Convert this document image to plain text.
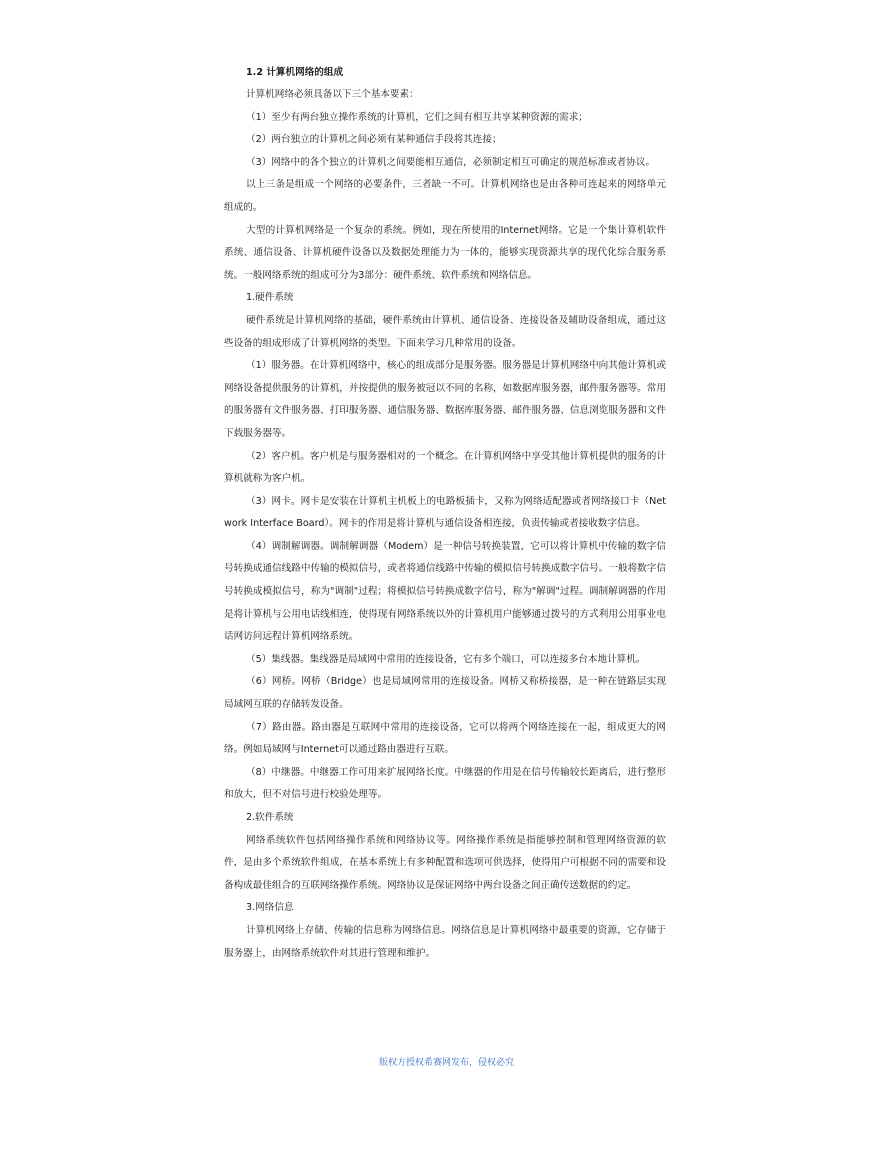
1.2 计算机网络的组成

计算机网络必须具备以下三个基本要素：

（1）至少有两台独立操作系统的计算机，它们之间有相互共享某种资源的需求；

（2）两台独立的计算机之间必须有某种通信手段将其连接；

（3）网络中的各个独立的计算机之间要能相互通信，必须制定相互可确定的规范标准或者协议。

以上三条是组成一个网络的必要条件，三者缺一不可。计算机网络也是由各种可连起来的网络单元组成的。

大型的计算机网络是一个复杂的系统。例如，现在所使用的Internet网络。它是一个集计算机软件系统、通信设备、计算机硬件设备以及数据处理能力为一体的，能够实现资源共享的现代化综合服务系统。一般网络系统的组成可分为3部分：硬件系统、软件系统和网络信息。

1.硬件系统

硬件系统是计算机网络的基础，硬件系统由计算机、通信设备、连接设备及辅助设备组成，通过这些设备的组成形成了计算机网络的类型。下面来学习几种常用的设备。

（1）服务器。在计算机网络中，核心的组成部分是服务器。服务器是计算机网络中向其他计算机或网络设备提供服务的计算机，并按提供的服务被冠以不同的名称，如数据库服务器，邮件服务器等。常用的服务器有文件服务器、打印服务器、通信服务器、数据库服务器、邮件服务器、信息浏览服务器和文件下载服务器等。

（2）客户机。客户机是与服务器相对的一个概念。在计算机网络中享受其他计算机提供的服务的计算机就称为客户机。

（3）网卡。网卡是安装在计算机主机板上的电路板插卡，又称为网络适配器或者网络接口卡（Network Interface Board）。网卡的作用是将计算机与通信设备相连接，负责传输或者接收数字信息。

（4）调制解调器。调制解调器（Modem）是一种信号转换装置，它可以将计算机中传输的数字信号转换成通信线路中传输的模拟信号，或者将通信线路中传输的模拟信号转换成数字信号。一般将数字信号转换成模拟信号，称为"调制"过程；将模拟信号转换成数字信号，称为"解调"过程。调制解调器的作用是将计算机与公用电话线相连，使得现有网络系统以外的计算机用户能够通过拨号的方式利用公用事业电话网访问远程计算机网络系统。

（5）集线器。集线器是局域网中常用的连接设备，它有多个端口，可以连接多台本地计算机。

（6）网桥。网桥（Bridge）也是局域网常用的连接设备。网桥又称桥接器，是一种在链路层实现局域网互联的存储转发设备。

（7）路由器。路由器是互联网中常用的连接设备，它可以将两个网络连接在一起，组成更大的网络。例如局域网与Internet可以通过路由器进行互联。

（8）中继器。中继器工作可用来扩展网络长度。中继器的作用是在信号传输较长距离后，进行整形和放大，但不对信号进行校验处理等。

2.软件系统

网络系统软件包括网络操作系统和网络协议等。网络操作系统是指能够控制和管理网络资源的软件，是由多个系统软件组成，在基本系统上有多种配置和选项可供选择，使得用户可根据不同的需要和设备构成最佳组合的互联网络操作系统。网络协议是保证网络中两台设备之间正确传送数据的约定。

3.网络信息

计算机网络上存储、传输的信息称为网络信息。网络信息是计算机网络中最重要的资源，它存储于服务器上，由网络系统软件对其进行管理和维护。

版权方授权希赛网发布，侵权必究
